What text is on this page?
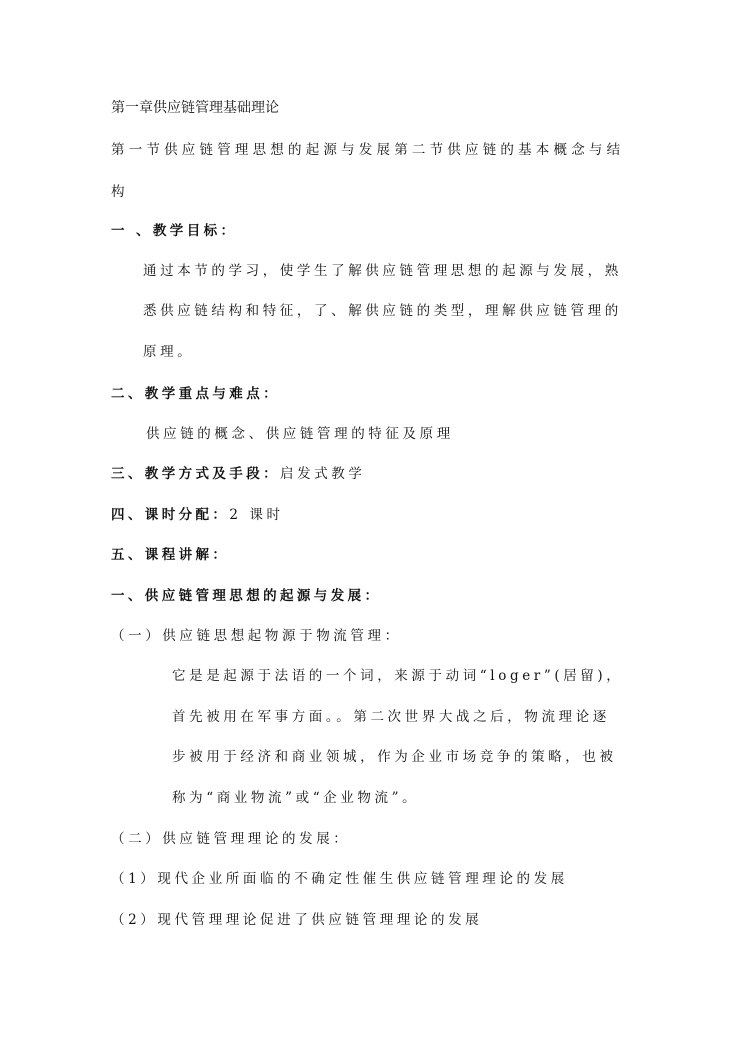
第一章供应链管理基础理论
第一节供应链管理思想的起源与发展第二节供应链的基本概念与结
构
一 、教学目标：
通过本节的学习，使学生了解供应链管理思想的起源与发展，熟
悉供应链结构和特征，了、解供应链的类型，理解供应链管理的
原理。
二、教学重点与难点：
供应链的概念、供应链管理的特征及原理
三、教学方式及手段：启发式教学
四、课时分配：2 课时
五、课程讲解：
一、供应链管理思想的起源与发展：
（一）供应链思想起物源于物流管理：
它是是起源于法语的一个词，来源于动词“loger”(居留)，
首先被用在军事方面。。第二次世界大战之后，物流理论逐
步被用于经济和商业领城，作为企业市场竞争的策略，也被
称为“商业物流”或“企业物流”。
（二）供应链管理理论的发展：
（1）现代企业所面临的不确定性催生供应链管理理论的发展
（2）现代管理理论促进了供应链管理理论的发展
